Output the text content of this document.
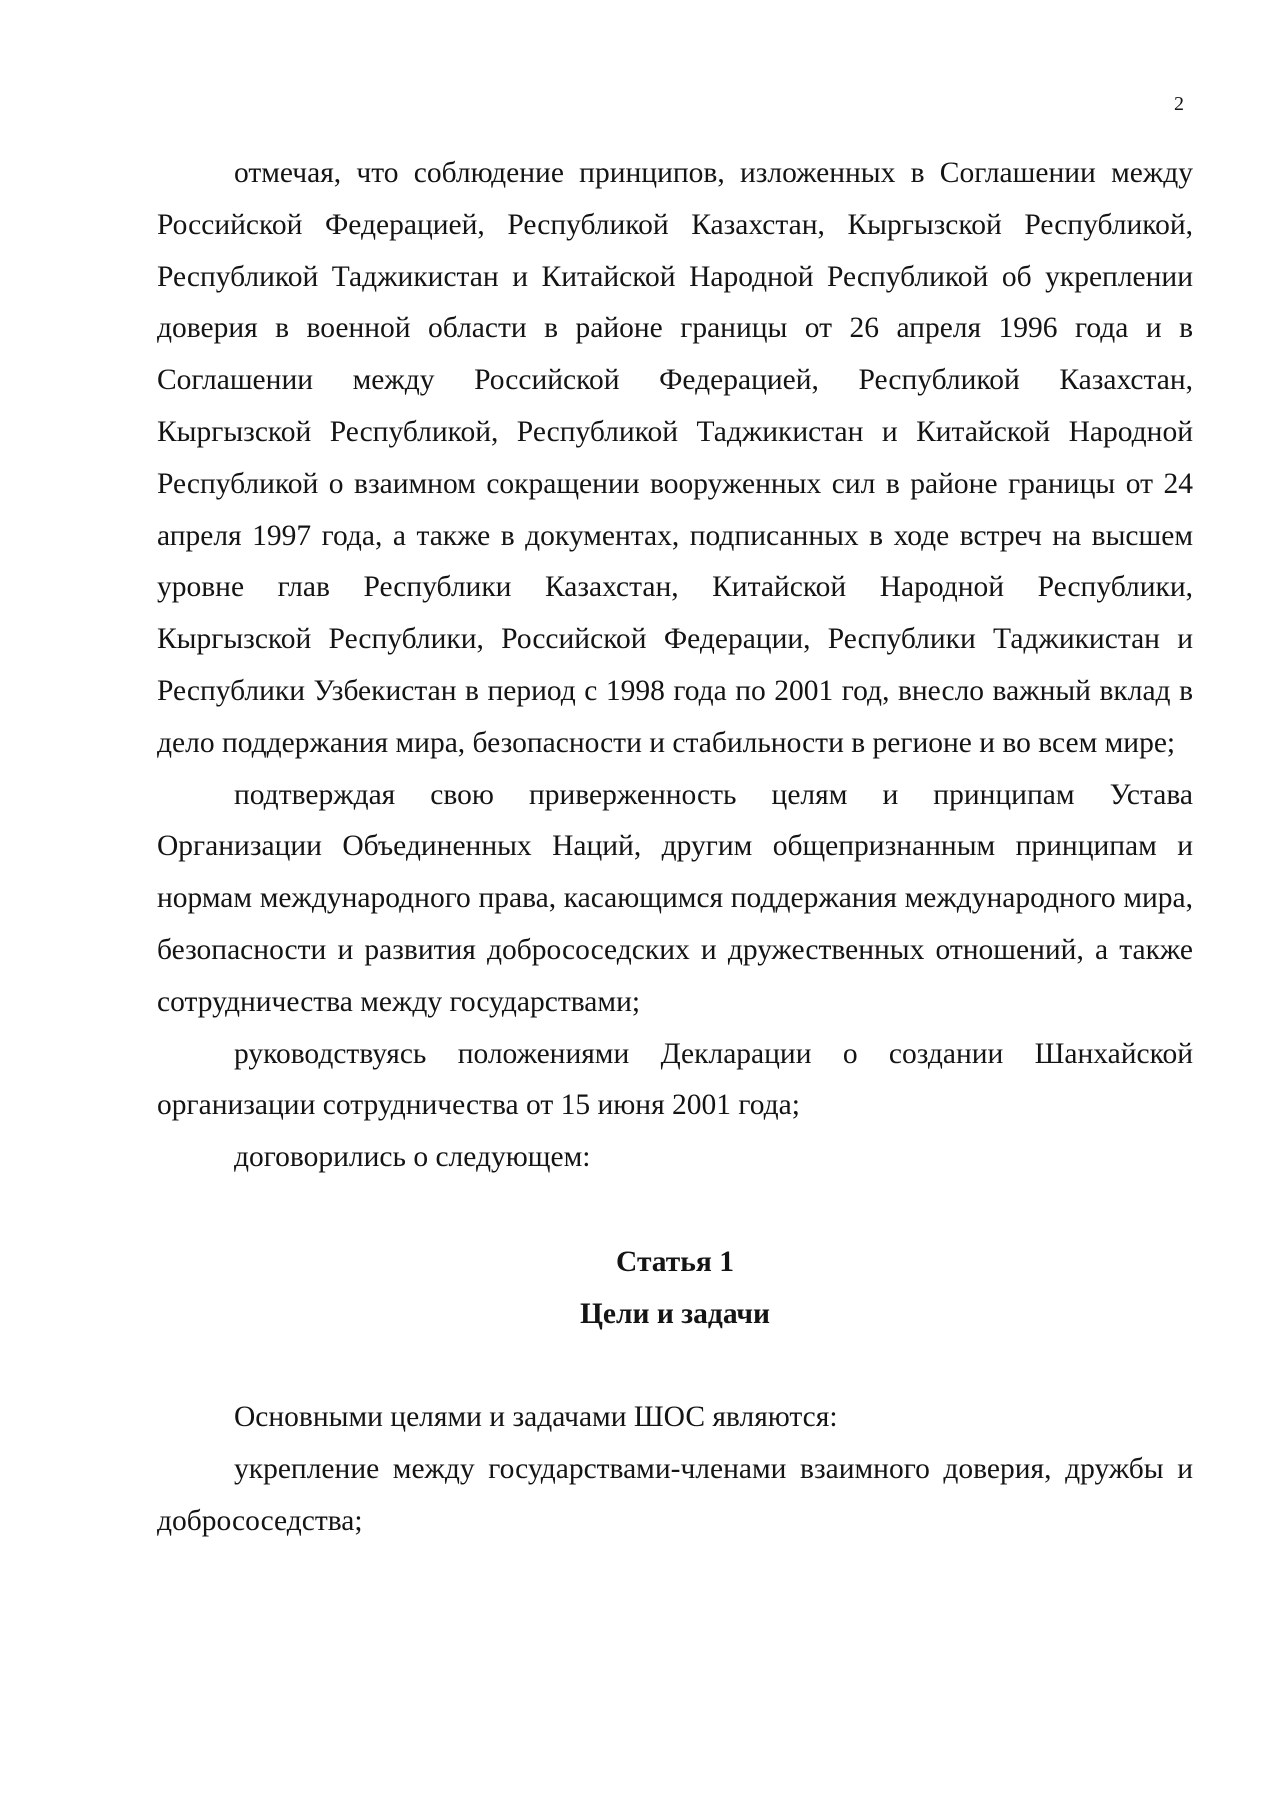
2

отмечая, что соблюдение принципов, изложенных в Соглашении между Российской Федерацией, Республикой Казахстан, Кыргызской Республикой, Республикой Таджикистан и Китайской Народной Республикой об укреплении доверия в военной области в районе границы от 26 апреля 1996 года и в Соглашении между Российской Федерацией, Республикой Казахстан, Кыргызской Республикой, Республикой Таджикистан и Китайской Народной Республикой о взаимном сокращении вооруженных сил в районе границы от 24 апреля 1997 года, а также в документах, подписанных в ходе встреч на высшем уровне глав Республики Казахстан, Китайской Народной Республики, Кыргызской Республики, Российской Федерации, Республики Таджикистан и Республики Узбекистан в период с 1998 года по 2001 год, внесло важный вклад в дело поддержания мира, безопасности и стабильности в регионе и во всем мире;

подтверждая свою приверженность целям и принципам Устава Организации Объединенных Наций, другим общепризнанным принципам и нормам международного права, касающимся поддержания международного мира, безопасности и развития добрососедских и дружественных отношений, а также сотрудничества между государствами;

руководствуясь положениями Декларации о создании Шанхайской организации сотрудничества от 15 июня 2001 года;

договорились о следующем:

Статья 1
Цели и задачи

Основными целями и задачами ШОС являются:

укрепление между государствами-членами взаимного доверия, дружбы и добрососедства;
